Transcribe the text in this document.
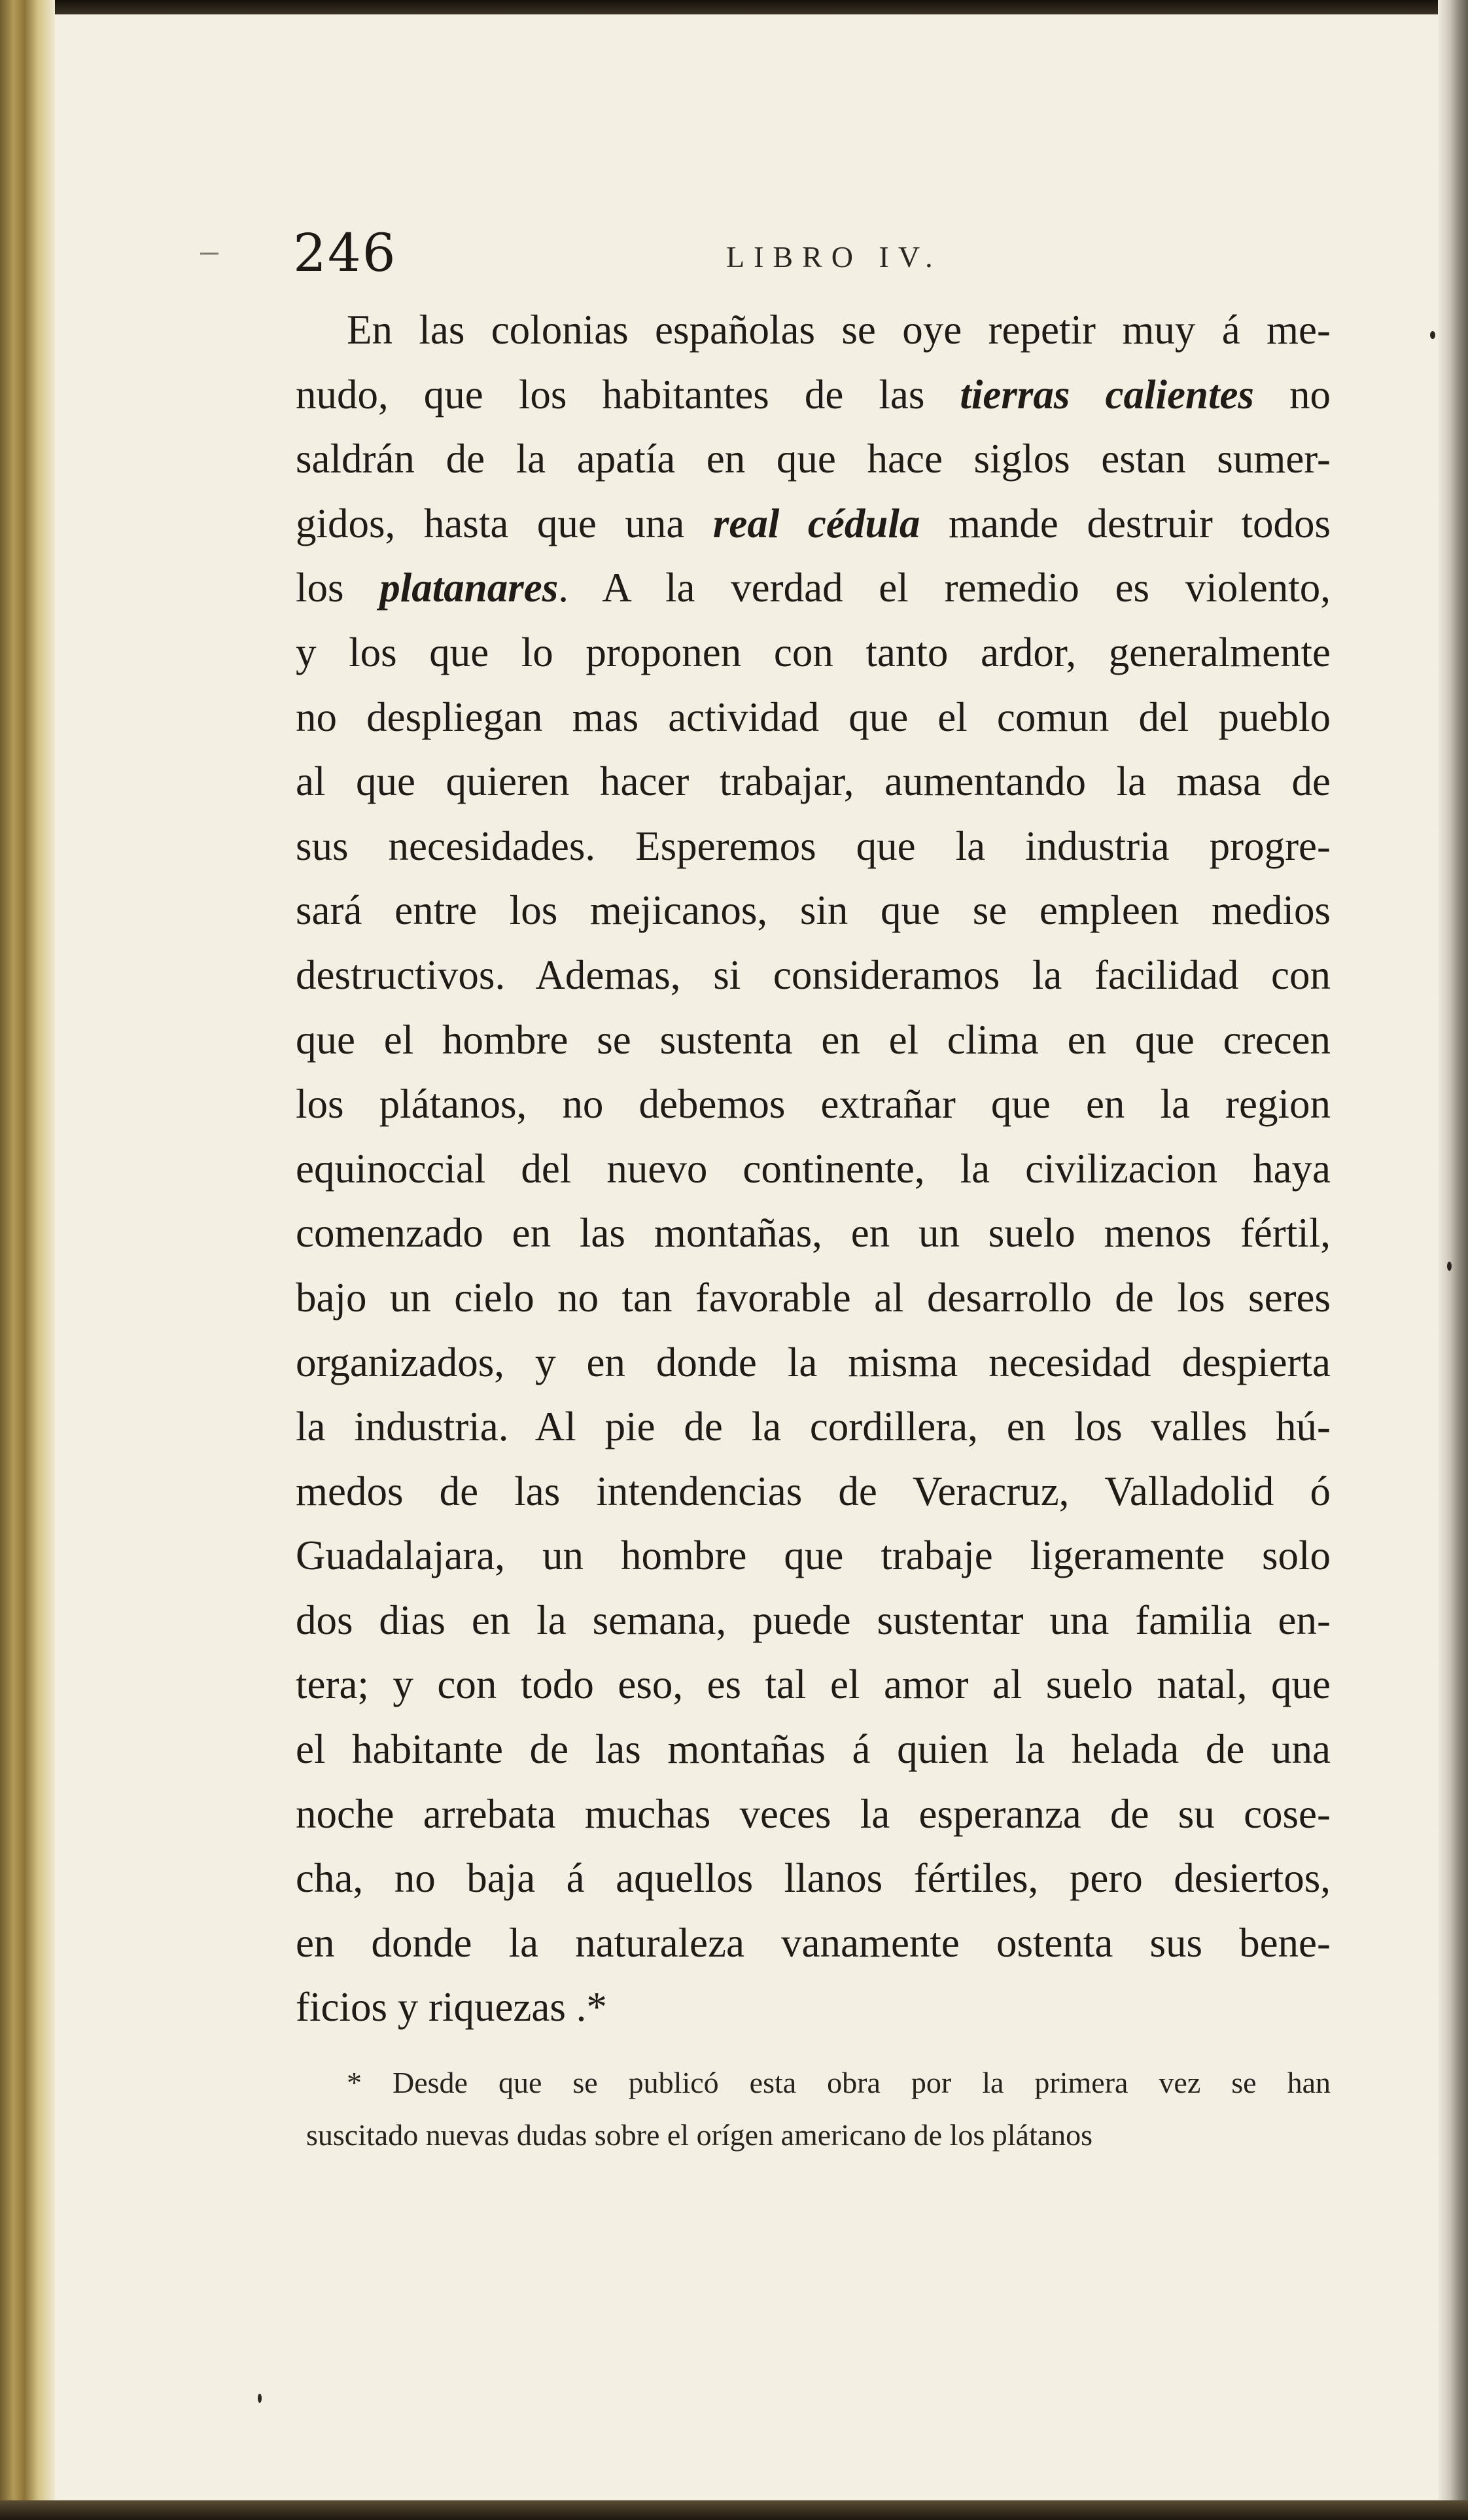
246	LIBRO IV.
En las colonias españolas se oye repetir muy á me-
nudo, que los habitantes de las tierras calientes no
saldrán de la apatía en que hace siglos estan sumer-
gidos, hasta que una real cédula mande destruir todos
los platanares. A la verdad el remedio es violento,
y los que lo proponen con tanto ardor, generalmente
no despliegan mas actividad que el comun del pueblo
al que quieren hacer trabajar, aumentando la masa de
sus necesidades. Esperemos que la industria progre-
sará entre los mejicanos, sin que se empleen medios
destructivos. Ademas, si consideramos la facilidad con
que el hombre se sustenta en el clima en que crecen
los plátanos, no debemos extrañar que en la region
equinoccial del nuevo continente, la civilizacion haya
comenzado en las montañas, en un suelo menos fértil,
bajo un cielo no tan favorable al desarrollo de los seres
organizados, y en donde la misma necesidad despierta
la industria. Al pie de la cordillera, en los valles hú-
medos de las intendencias de Veracruz, Valladolid ó
Guadalajara, un hombre que trabaje ligeramente solo
dos dias en la semana, puede sustentar una familia en-
tera; y con todo eso, es tal el amor al suelo natal, que
el habitante de las montañas á quien la helada de una
noche arrebata muchas veces la esperanza de su cose-
cha, no baja á aquellos llanos fértiles, pero desiertos,
en donde la naturaleza vanamente ostenta sus bene-
ficios y riquezas .*
* Desde que se publicó esta obra por la primera vez se han
suscitado nuevas dudas sobre el orígen americano de los plátanos
